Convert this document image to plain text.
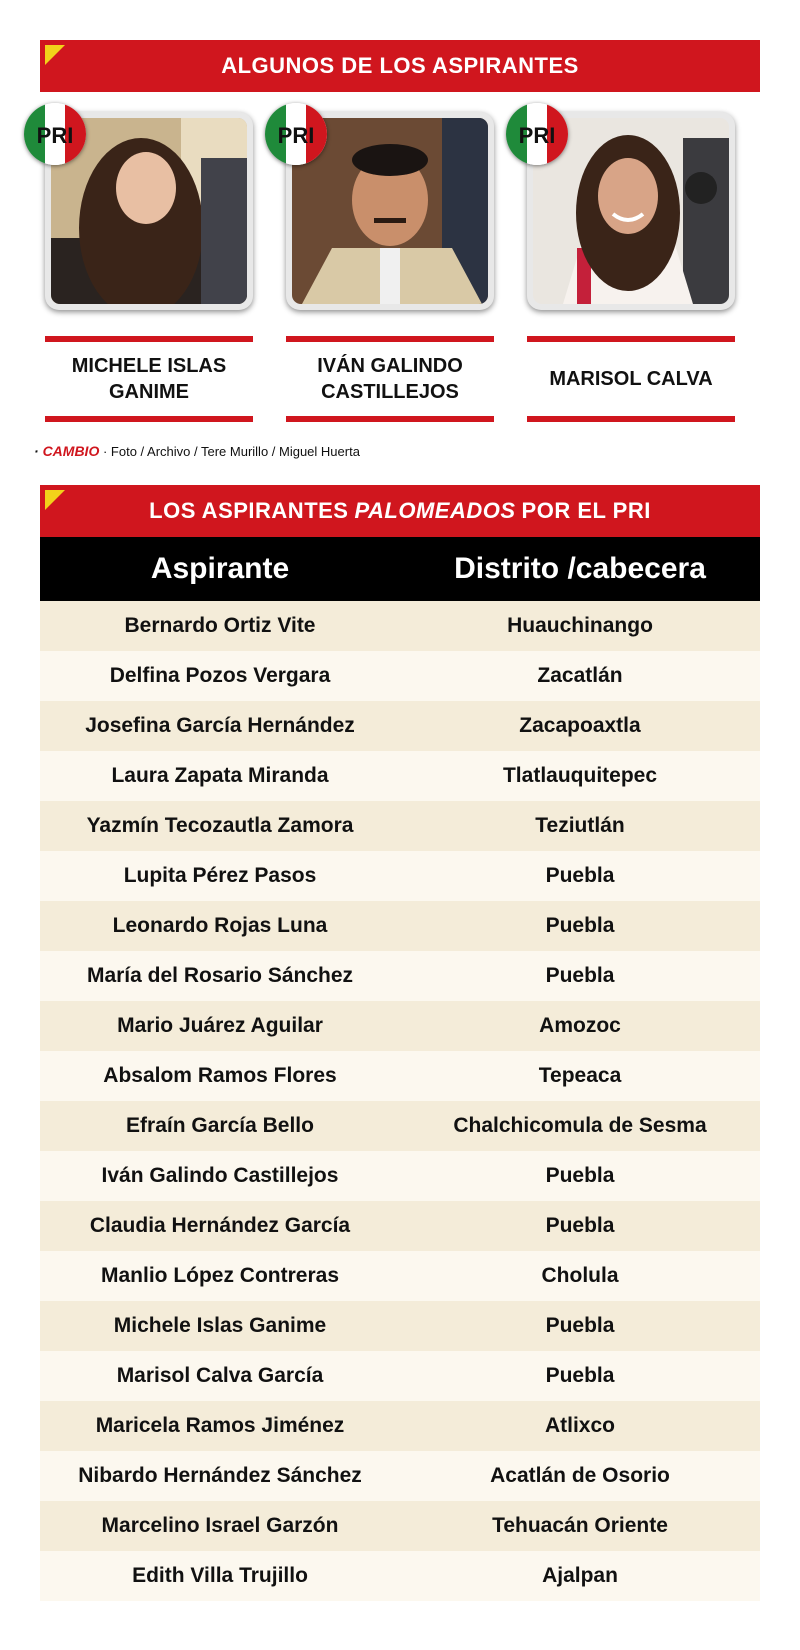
ALGUNOS DE LOS ASPIRANTES
PRI
MICHELE ISLAS GANIME
PRI
IVÁN GALINDO CASTILLEJOS
PRI
MARISOL CALVA
· CAMBIO · Foto / Archivo / Tere Murillo / Miguel Huerta
LOS ASPIRANTES PALOMEADOS POR EL PRI
Aspirante	Distrito /cabecera
Bernardo Ortiz Vite	Huauchinango
Delfina Pozos Vergara	Zacatlán
Josefina García Hernández	Zacapoaxtla
Laura Zapata Miranda	Tlatlauquitepec
Yazmín Tecozautla Zamora	Teziutlán
Lupita Pérez Pasos	Puebla
Leonardo Rojas Luna	Puebla
María del Rosario Sánchez	Puebla
Mario Juárez Aguilar	Amozoc
Absalom Ramos Flores	Tepeaca
Efraín García Bello	Chalchicomula de Sesma
Iván Galindo Castillejos	Puebla
Claudia Hernández García	Puebla
Manlio López Contreras	Cholula
Michele Islas Ganime	Puebla
Marisol Calva García	Puebla
Maricela Ramos Jiménez	Atlixco
Nibardo Hernández Sánchez	Acatlán de Osorio
Marcelino Israel Garzón	Tehuacán Oriente
Edith Villa Trujillo	Ajalpan
